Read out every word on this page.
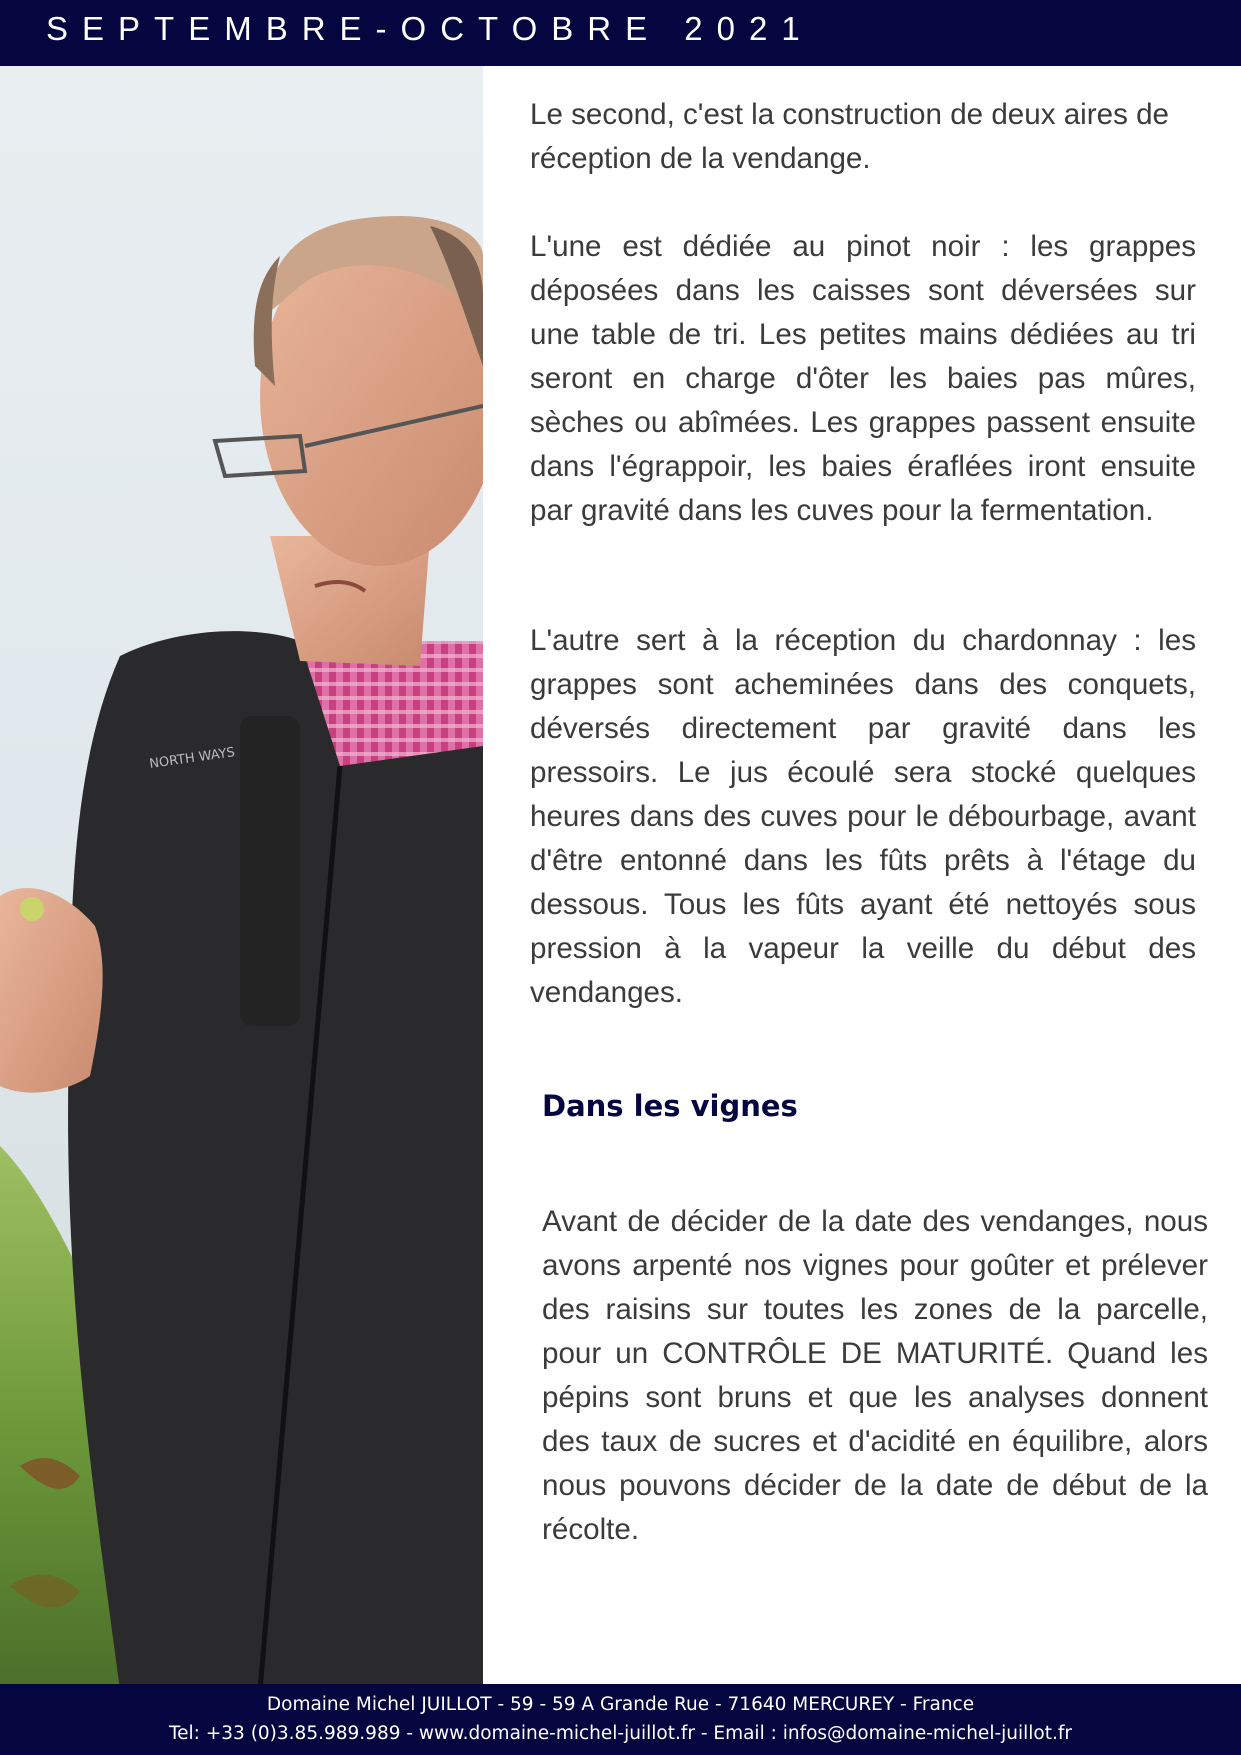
SEPTEMBRE-OCTOBRE 2021
NORTH WAYS

Le second, c'est la construction de deux aires de réception de la vendange.

L'une est dédiée au pinot noir : les grappes déposées dans les caisses sont déversées sur une table de tri. Les petites mains dédiées au tri seront en charge d'ôter les baies pas mûres, sèches ou abîmées. Les grappes passent ensuite dans l'égrappoir, les baies éraflées iront ensuite par gravité dans les cuves pour la fermentation.

L'autre sert à la réception du chardonnay : les grappes sont acheminées dans des conquets, déversés directement par gravité dans les pressoirs. Le jus écoulé sera stocké quelques heures dans des cuves pour le débourbage, avant d'être entonné dans les fûts prêts à l'étage du dessous. Tous les fûts ayant été nettoyés sous pression à la vapeur la veille du début des vendanges.

Dans les vignes

Avant de décider de la date des vendanges, nous avons arpenté nos vignes pour goûter et prélever des raisins sur toutes les zones de la parcelle, pour un CONTRÔLE DE MATURITÉ. Quand les pépins sont bruns et que les analyses donnent des taux de sucres et d'acidité en équilibre, alors nous pouvons décider de la date de début de la récolte.

Domaine Michel JUILLOT - 59 - 59 A Grande Rue - 71640 MERCUREY - France
Tel: +33 (0)3.85.989.989 - www.domaine-michel-juillot.fr - Email : infos@domaine-michel-juillot.fr
